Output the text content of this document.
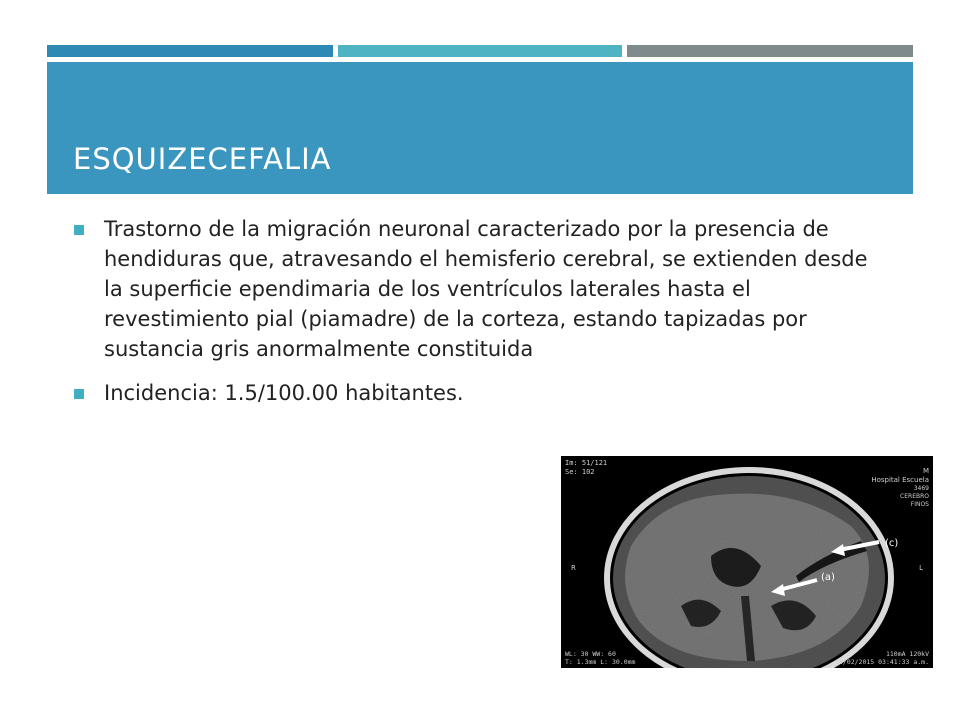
ESQUIZECEFALIA
Trastorno de la migración neuronal caracterizado por la presencia de hendiduras que, atravesando el hemisferio cerebral, se extienden desde la superficie ependimaria de los ventrículos laterales hasta el revestimiento pial (piamadre) de la corteza, estando tapizadas por sustancia gris anormalmente constituida
Incidencia: 1.5/100.00 habitantes.
Im: 51/121
Se: 102	M
Hospital Escuela
3469
CEREBRO
FINOS
R	L
(c)
(a)
WL: 30 WW: 60
T: 1.3mm L: 30.0mm
110mA 120kV
14/02/2015 03:41:33 a.m.
